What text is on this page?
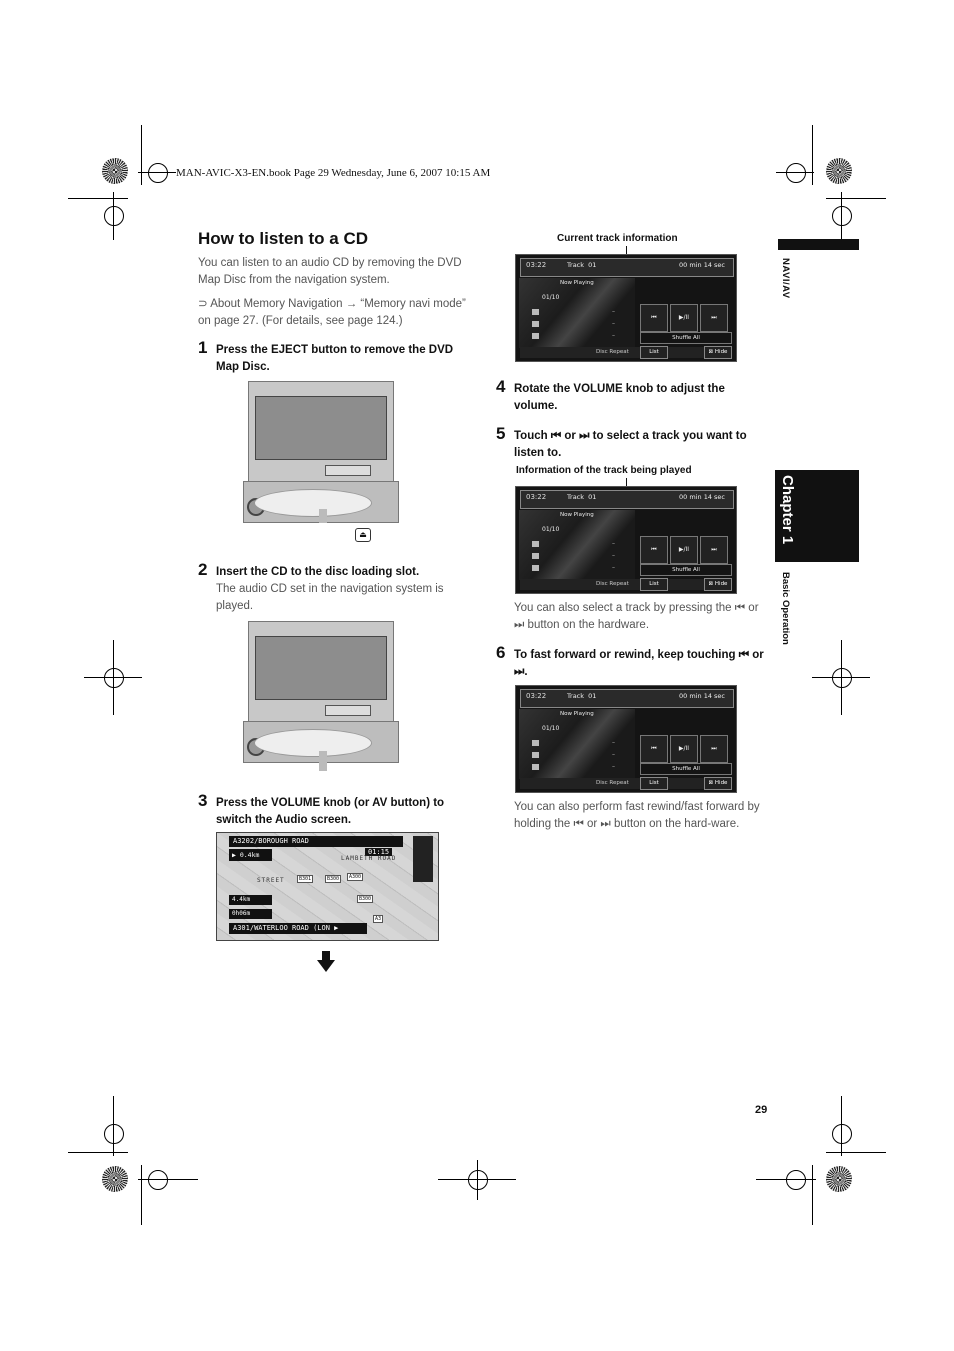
MAN-AVIC-X3-EN.book Page 29 Wednesday, June 6, 2007 10:15 AM
NAVI/AV
Chapter 1
Basic Operation
How to listen to a CD
You can listen to an audio CD by removing the DVD Map Disc from the navigation system.
⊃ About Memory Navigation → “Memory navi mode” on page 27. (For details, see page 124.)
1 Press the EJECT button to remove the DVD Map Disc.
⏏
2 Insert the CD to the disc loading slot.
The audio CD set in the navigation system is played.
3 Press the VOLUME knob (or AV button) to switch the Audio screen.
A3202/BOROUGH ROAD
01:15
▶ 0.4km
4.4km
0h06m
A301/WATERLOO ROAD (LON ▶
B301	B300	A300
B300
A3
LAMBETH ROAD
STREET
Current track information
03:22	Track 01	00 min 14 sec
Now Playing
01/10
–
–
–
⏮	▶/II	⏭
Shuffle All
Disc Repeat	List	⊠ Hide
4 Rotate the VOLUME knob to adjust the volume.
5 Touch ⏮ or ⏭ to select a track you want to listen to.
Information of the track being played
03:22	Track 01	00 min 14 sec
Now Playing
01/10
–
–
–
⏮	▶/II	⏭
Shuffle All
Disc Repeat	List	⊠ Hide
You can also select a track by pressing the ⏮ or ⏭ button on the hardware.
6 To fast forward or rewind, keep touching ⏮ or ⏭.
03:22	Track 01	00 min 14 sec
Now Playing
01/10
–
–
–
⏮	▶/II	⏭
Shuffle All
Disc Repeat	List	⊠ Hide
You can also perform fast rewind/fast forward by holding the ⏮ or ⏭ button on the hard-ware.
29
